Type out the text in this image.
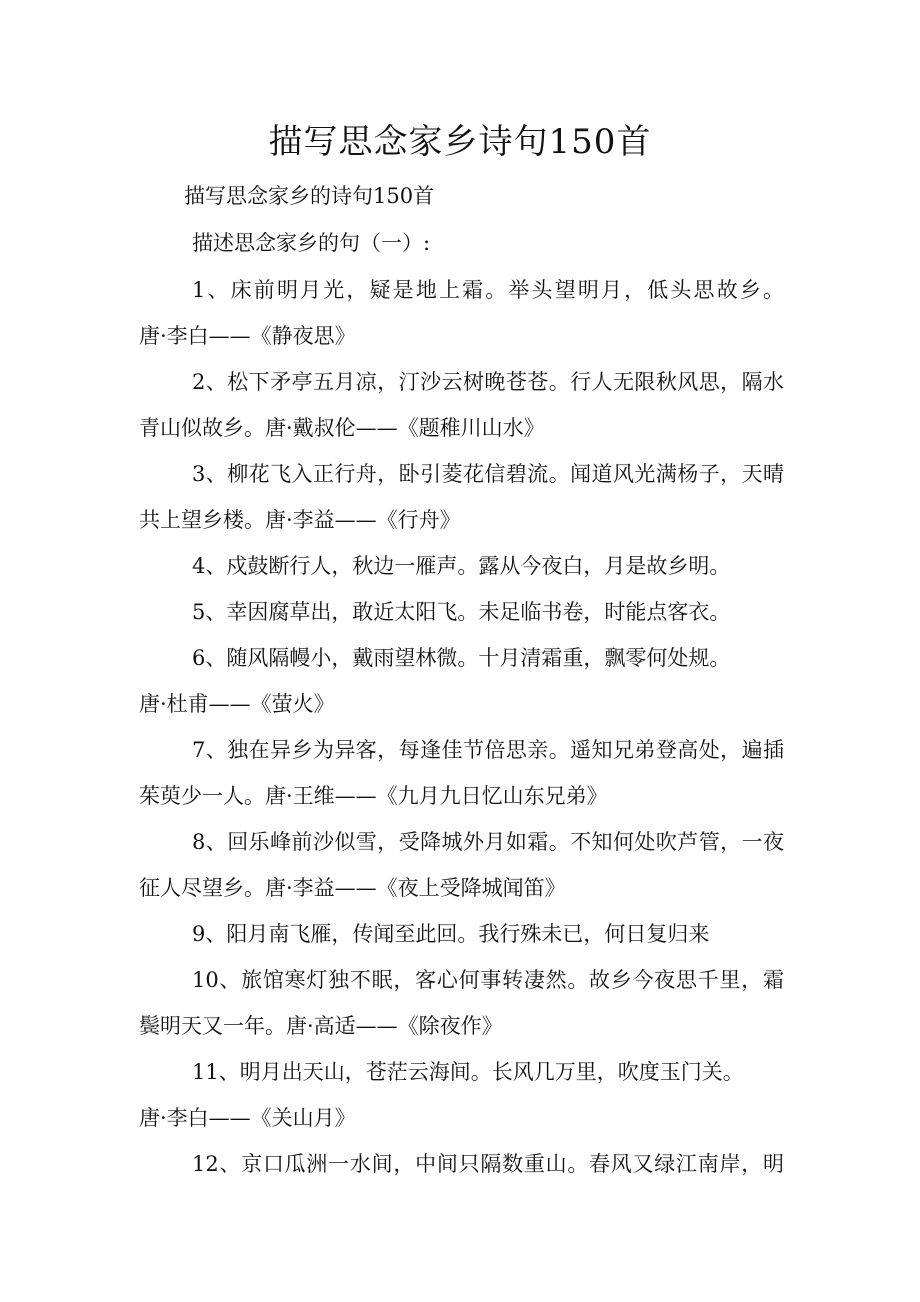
描写思念家乡诗句150首
描写思念家乡的诗句150首
描述思念家乡的句（一）:
1、床前明月光，疑是地上霜。举头望明月，低头思故乡。
唐·李白——《静夜思》
2、松下矛亭五月凉，汀沙云树晚苍苍。行人无限秋风思，隔水
青山似故乡。唐·戴叔伦——《题稚川山水》
3、柳花飞入正行舟，卧引菱花信碧流。闻道风光满杨子，天晴
共上望乡楼。唐·李益——《行舟》
4、戍鼓断行人，秋边一雁声。露从今夜白，月是故乡明。
5、幸因腐草出，敢近太阳飞。未足临书卷，时能点客衣。
6、随风隔幔小，戴雨望林微。十月清霜重，飘零何处规。
唐·杜甫——《萤火》
7、独在异乡为异客，每逢佳节倍思亲。遥知兄弟登高处，遍插
茱萸少一人。唐·王维——《九月九日忆山东兄弟》
8、回乐峰前沙似雪，受降城外月如霜。不知何处吹芦管，一夜
征人尽望乡。唐·李益——《夜上受降城闻笛》
9、阳月南飞雁，传闻至此回。我行殊未已，何日复归来
10、旅馆寒灯独不眠，客心何事转凄然。故乡今夜思千里，霜
鬓明天又一年。唐·高适——《除夜作》
11、明月出天山，苍茫云海间。长风几万里，吹度玉门关。
唐·李白——《关山月》
12、京口瓜洲一水间，中间只隔数重山。春风又绿江南岸，明
